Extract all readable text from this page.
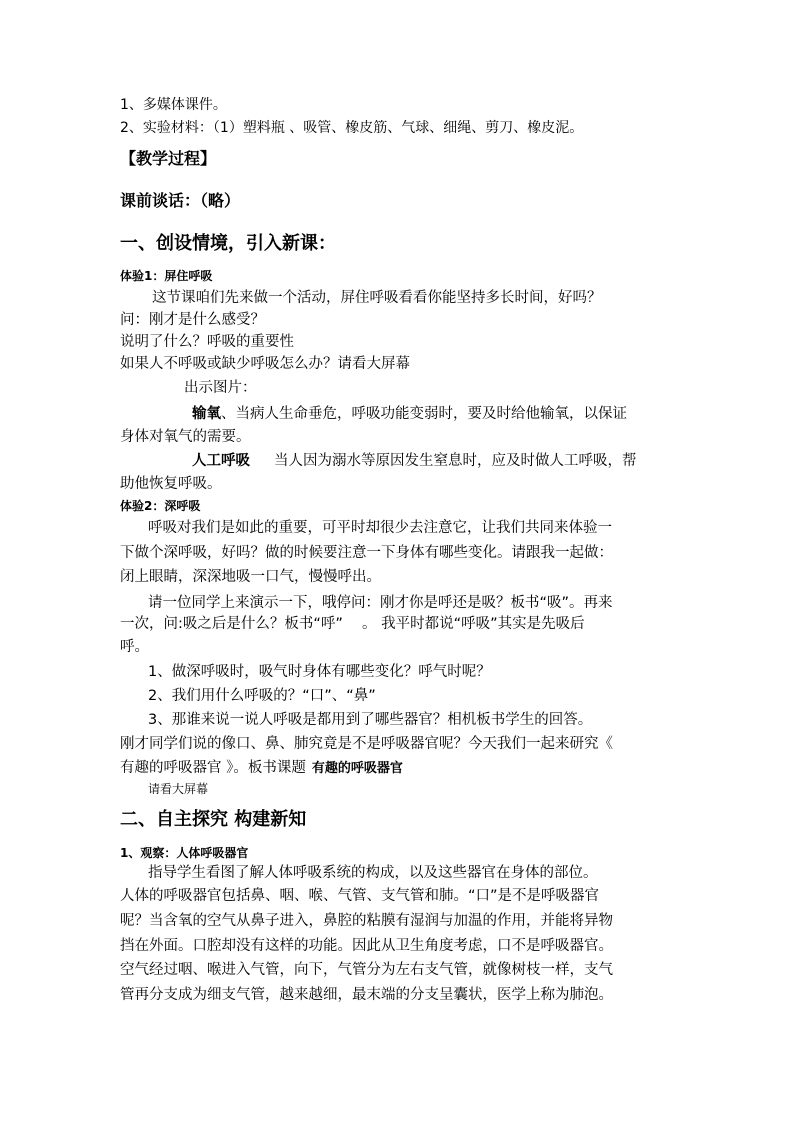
1、多媒体课件。
2、实验材料：（1）塑料瓶 、吸管、橡皮筋、气球、细绳、剪刀、橡皮泥。
【教学过程】
课前谈话：（略）
一、创设情境，引入新课：
体验1：屏住呼吸
这节课咱们先来做一个活动，屏住呼吸看看你能坚持多长时间，好吗？
问：刚才是什么感受？
说明了什么？呼吸的重要性
如果人不呼吸或缺少呼吸怎么办？请看大屏幕
出示图片：
输氧、当病人生命垂危，呼吸功能变弱时，要及时给他输氧，以保证
身体对氧气的需要。
人工呼吸 当人因为溺水等原因发生窒息时，应及时做人工呼吸，帮
助他恢复呼吸。
体验2：深呼吸
呼吸对我们是如此的重要，可平时却很少去注意它，让我们共同来体验一
下做个深呼吸，好吗？做的时候要注意一下身体有哪些变化。请跟我一起做：
闭上眼睛，深深地吸一口气，慢慢呼出。
请一位同学上来演示一下，哦停问：刚才你是呼还是吸？板书“吸”。再来
一次，问:吸之后是什么？板书“呼”　 。 我平时都说“呼吸”其实是先吸后
呼。
1、做深呼吸时，吸气时身体有哪些变化？呼气时呢？
2、我们用什么呼吸的？“口”、“鼻”
3、那谁来说一说人呼吸是都用到了哪些器官？相机板书学生的回答。
刚才同学们说的像口、鼻、肺究竟是不是呼吸器官呢？今天我们一起来研究《
有趣的呼吸器官 》。板书课题 有趣的呼吸器官
请看大屏幕
二、自主探究 构建新知
1、观察：人体呼吸器官
指导学生看图了解人体呼吸系统的构成，以及这些器官在身体的部位。
人体的呼吸器官包括鼻、咽、喉、气管、支气管和肺。“口”是不是呼吸器官
呢？当含氧的空气从鼻子进入，鼻腔的粘膜有湿润与加温的作用，并能将异物
挡在外面。口腔却没有这样的功能。因此从卫生角度考虑，口不是呼吸器官。
空气经过咽、喉进入气管，向下，气管分为左右支气管，就像树枝一样，支气
管再分支成为细支气管，越来越细，最末端的分支呈囊状，医学上称为肺泡。
